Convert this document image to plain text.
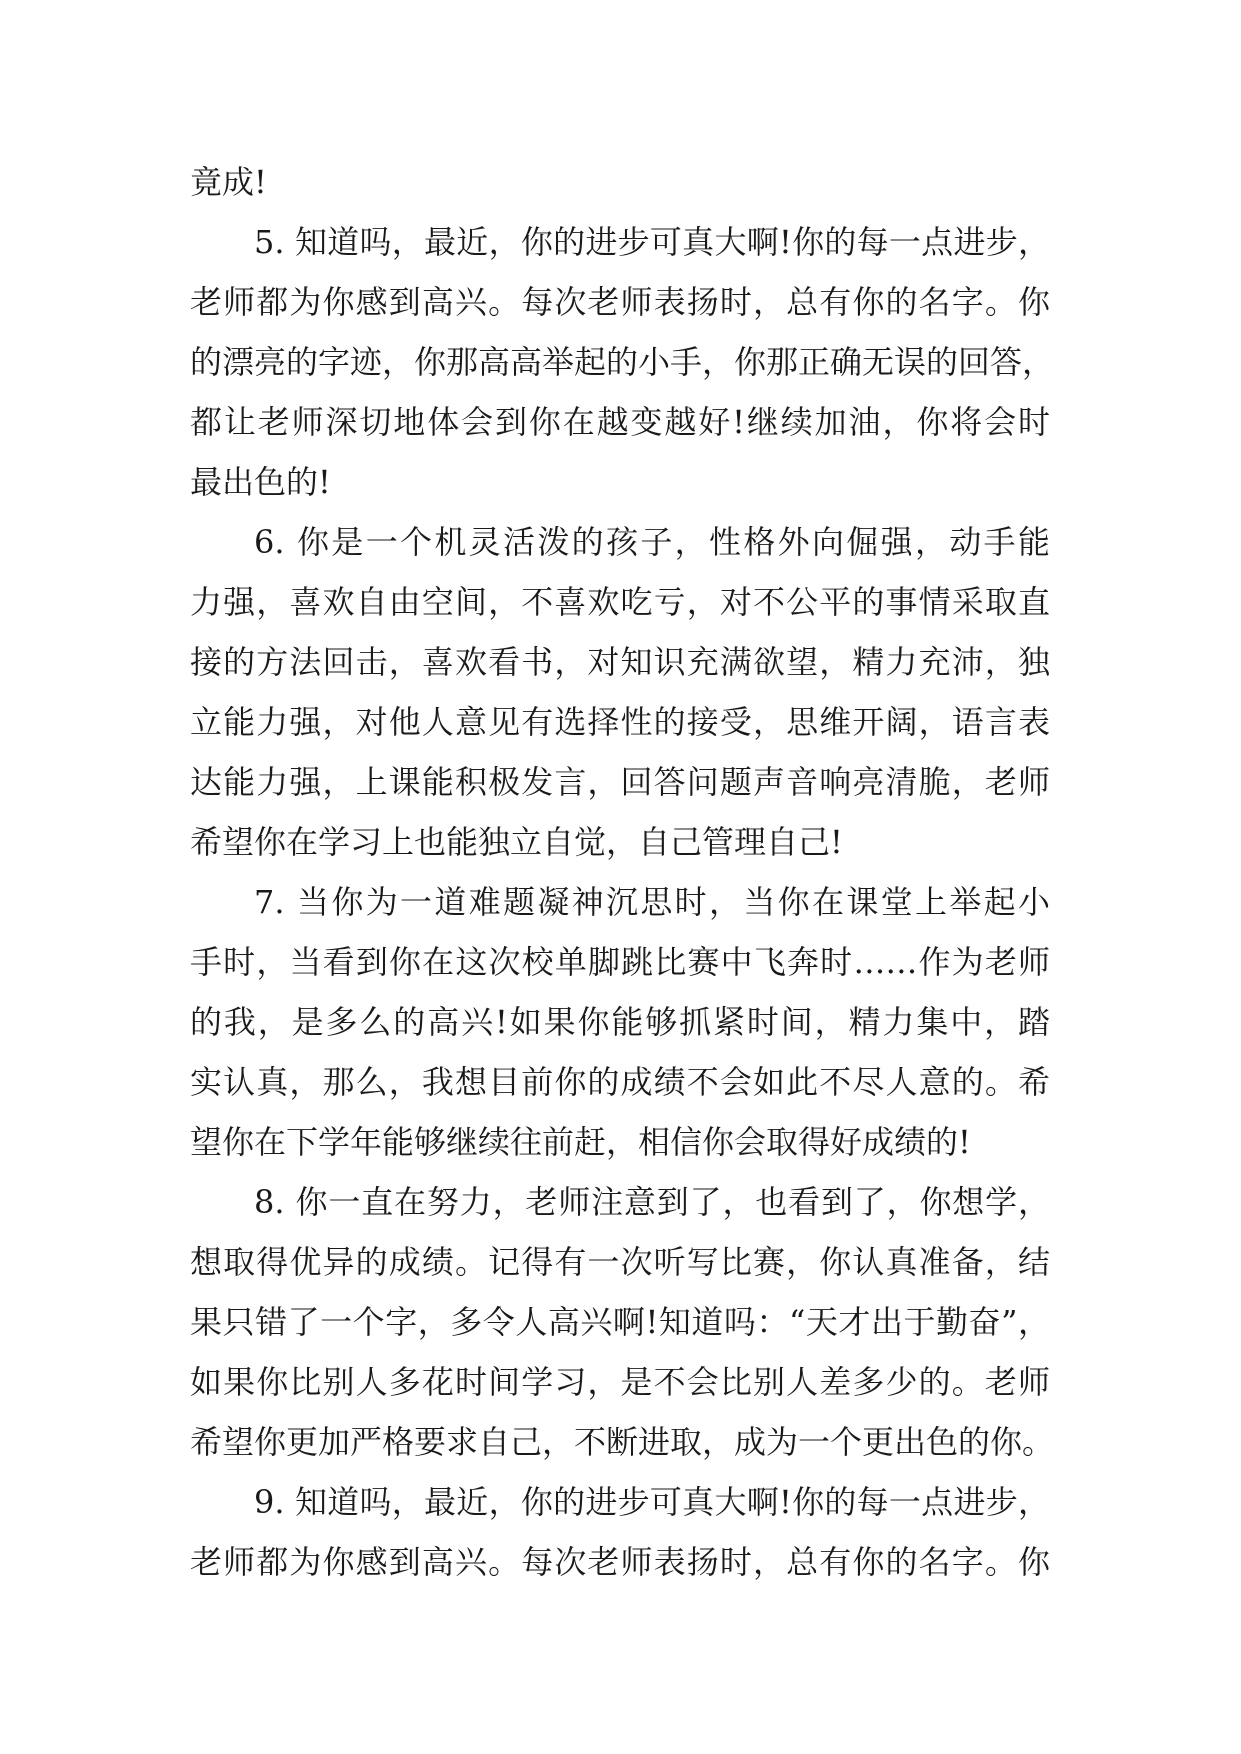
竟成!
5. 知道吗，最近，你的进步可真大啊!你的每一点进步，
老师都为你感到高兴。每次老师表扬时，总有你的名字。你
的漂亮的字迹，你那高高举起的小手，你那正确无误的回答，
都让老师深切地体会到你在越变越好!继续加油，你将会时
最出色的!
6. 你是一个机灵活泼的孩子，性格外向倔强，动手能
力强，喜欢自由空间，不喜欢吃亏，对不公平的事情采取直
接的方法回击，喜欢看书，对知识充满欲望，精力充沛，独
立能力强，对他人意见有选择性的接受，思维开阔，语言表
达能力强，上课能积极发言，回答问题声音响亮清脆，老师
希望你在学习上也能独立自觉，自己管理自己!
7. 当你为一道难题凝神沉思时，当你在课堂上举起小
手时，当看到你在这次校单脚跳比赛中飞奔时……作为老师
的我，是多么的高兴!如果你能够抓紧时间，精力集中，踏
实认真，那么，我想目前你的成绩不会如此不尽人意的。希
望你在下学年能够继续往前赶，相信你会取得好成绩的!
8. 你一直在努力，老师注意到了，也看到了，你想学，
想取得优异的成绩。记得有一次听写比赛，你认真准备，结
果只错了一个字，多令人高兴啊!知道吗：“天才出于勤奋”，
如果你比别人多花时间学习，是不会比别人差多少的。老师
希望你更加严格要求自己，不断进取，成为一个更出色的你。
9. 知道吗，最近，你的进步可真大啊!你的每一点进步，
老师都为你感到高兴。每次老师表扬时，总有你的名字。你
